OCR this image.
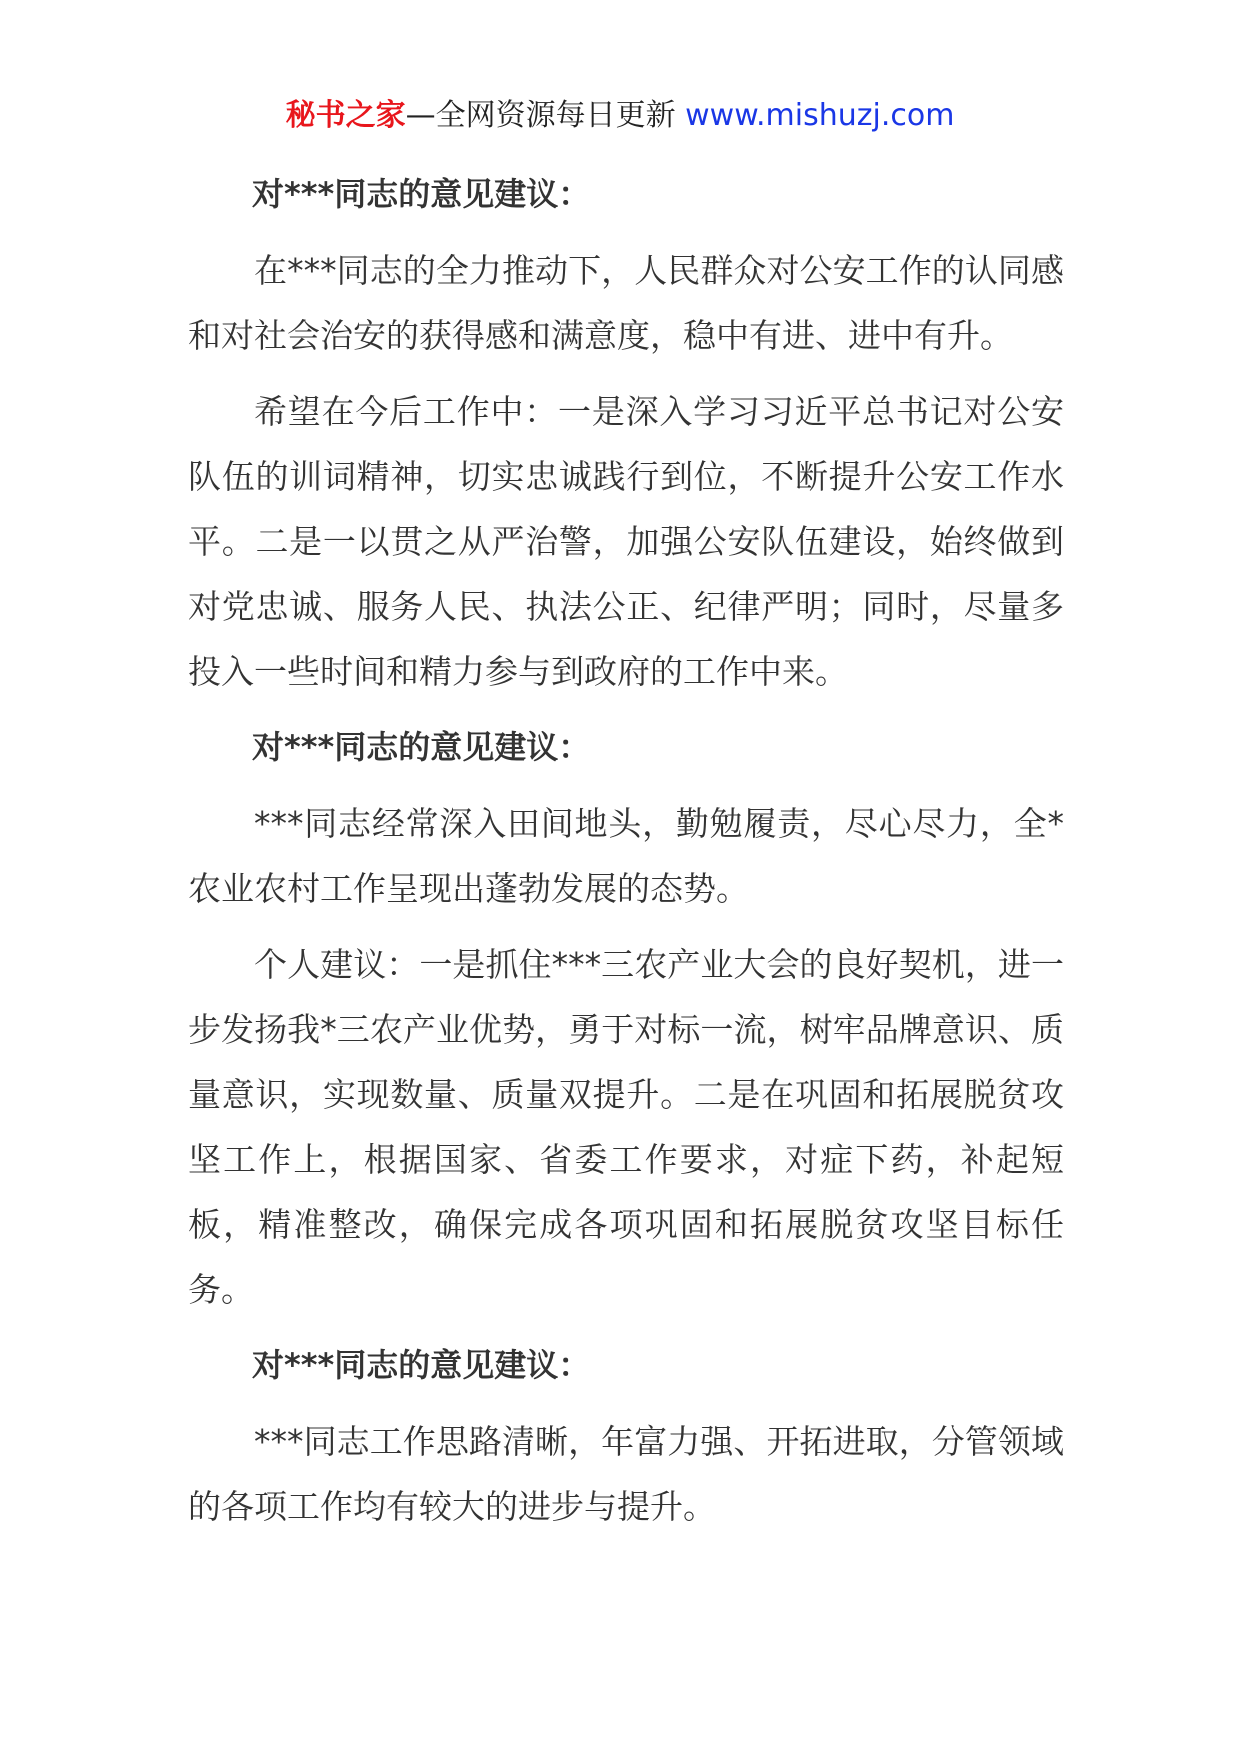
秘书之家—全网资源每日更新 www.mishuzj.com
对***同志的意见建议：

在***同志的全力推动下，人民群众对公安工作的认同感和对社会治安的获得感和满意度，稳中有进、进中有升。

希望在今后工作中：一是深入学习习近平总书记对公安队伍的训词精神，切实忠诚践行到位，不断提升公安工作水平。二是一以贯之从严治警，加强公安队伍建设，始终做到对党忠诚、服务人民、执法公正、纪律严明；同时，尽量多投入一些时间和精力参与到政府的工作中来。

对***同志的意见建议：

***同志经常深入田间地头，勤勉履责，尽心尽力，全*农业农村工作呈现出蓬勃发展的态势。

个人建议：一是抓住***三农产业大会的良好契机，进一步发扬我*三农产业优势，勇于对标一流，树牢品牌意识、质量意识，实现数量、质量双提升。二是在巩固和拓展脱贫攻坚工作上，根据国家、省委工作要求，对症下药，补起短板，精准整改，确保完成各项巩固和拓展脱贫攻坚目标任务。

对***同志的意见建议：

***同志工作思路清晰，年富力强、开拓进取，分管领域的各项工作均有较大的进步与提升。
